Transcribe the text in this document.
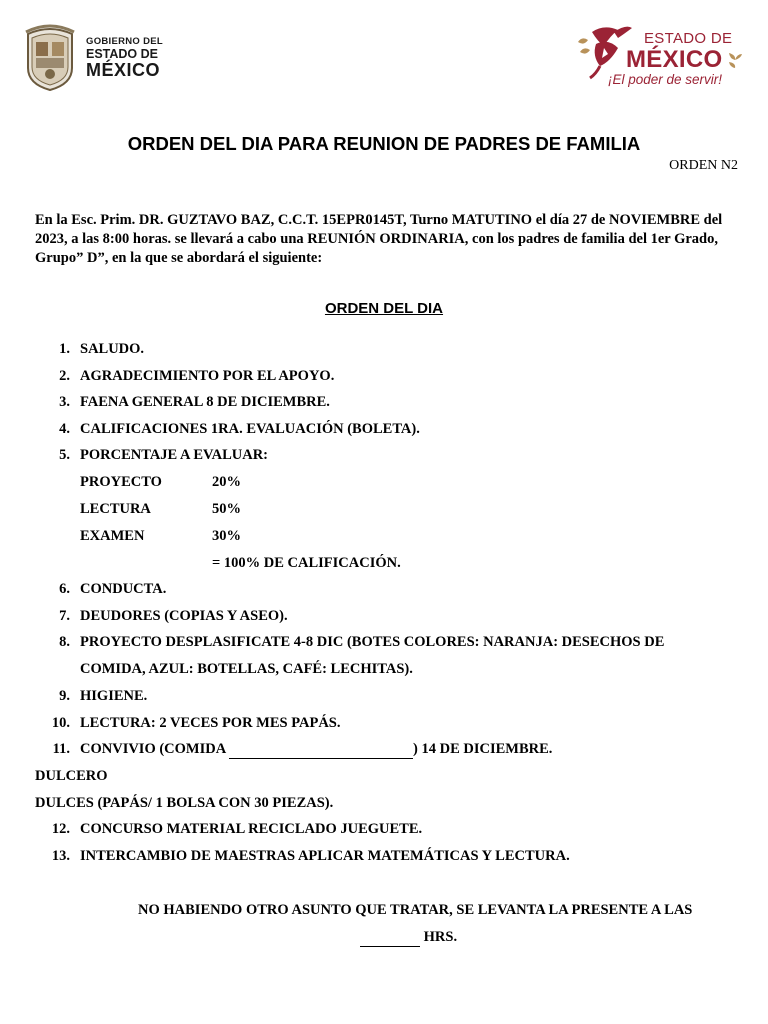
GOBIERNO DEL
ESTADO DE
MÉXICO
ESTADO DE
MÉXICO
¡El poder de servir!
ORDEN DEL DIA PARA REUNION DE PADRES DE FAMILIA
ORDEN N2
En la Esc. Prim. DR. GUZTAVO BAZ, C.C.T. 15EPR0145T, Turno MATUTINO el día 27 de NOVIEMBRE del 2023, a las 8:00 horas. se llevará a cabo una REUNIÓN ORDINARIA, con los padres de familia del 1er Grado, Grupo” D”, en la que se abordará el siguiente:
ORDEN DEL DIA
1. SALUDO.
2. AGRADECIMIENTO POR EL APOYO.
3. FAENA GENERAL 8 DE DICIEMBRE.
4. CALIFICACIONES 1RA. EVALUACIÓN (BOLETA).
5. PORCENTAJE A EVALUAR:
PROYECTO	20%
LECTURA	50%
EXAMEN	30%
= 100% DE CALIFICACIÓN.
6. CONDUCTA.
7. DEUDORES (COPIAS Y ASEO).
8. PROYECTO DESPLASIFICATE 4-8 DIC (BOTES COLORES: NARANJA: DESECHOS DE
COMIDA, AZUL: BOTELLAS, CAFÉ: LECHITAS).
9. HIGIENE.
10. LECTURA: 2 VECES POR MES PAPÁS.
11. CONVIVIO (COMIDA	) 14 DE DICIEMBRE.
DULCERO
DULCES (PAPÁS/ 1 BOLSA CON 30 PIEZAS).
12. CONCURSO MATERIAL RECICLADO JUEGUETE.
13. INTERCAMBIO DE MAESTRAS APLICAR MATEMÁTICAS Y LECTURA.
NO HABIENDO OTRO ASUNTO QUE TRATAR, SE LEVANTA LA PRESENTE A LAS
HRS.
